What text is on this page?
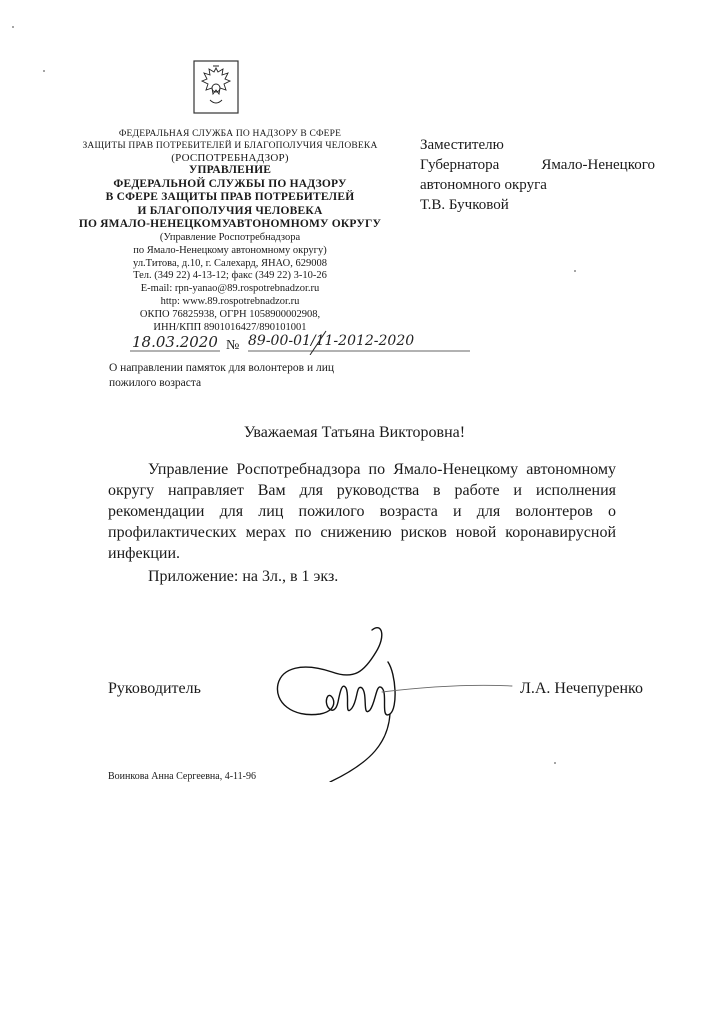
ФЕДЕРАЛЬНАЯ СЛУЖБА ПО НАДЗОРУ В СФЕРЕ
ЗАЩИТЫ ПРАВ ПОТРЕБИТЕЛЕЙ И БЛАГОПОЛУЧИЯ ЧЕЛОВЕКА
(РОСПОТРЕБНАДЗОР)
УПРАВЛЕНИЕ
ФЕДЕРАЛЬНОЙ СЛУЖБЫ ПО НАДЗОРУ
В СФЕРЕ ЗАЩИТЫ ПРАВ ПОТРЕБИТЕЛЕЙ
И БЛАГОПОЛУЧИЯ ЧЕЛОВЕКА
ПО ЯМАЛО-НЕНЕЦКОМУАВТОНОМНОМУ ОКРУГУ
(Управление Роспотребнадзора
по Ямало-Ненецкому автономному округу)
ул.Титова, д.10, г. Салехард, ЯНАО, 629008
Тел. (349 22) 4-13-12; факс (349 22) 3-10-26
E-mail: rpn-yanao@89.rospotrebnadzor.ru
http: www.89.rospotrebnadzor.ru
ОКПО 76825938, ОГРН 1058900002908,
ИНН/КПП 8901016427/890101001
Заместителю
Губернатора	Ямало-Ненецкого
автономного округа
Т.В. Бучковой
18.03.2020 № 89-00-01/11-2012-2020
О направлении памяток для волонтеров и лиц
пожилого возраста
Уважаемая Татьяна Викторовна!
Управление Роспотребнадзора по Ямало-Ненецкому автономному округу направляет Вам для руководства в работе и исполнения рекомендации для лиц пожилого возраста и для волонтеров о профилактических мерах по снижению рисков новой коронавирусной инфекции.
Приложение: на 3л., в 1 экз.
Руководитель	Л.А. Нечепуренко
Воинкова Анна Сергеевна, 4-11-96
